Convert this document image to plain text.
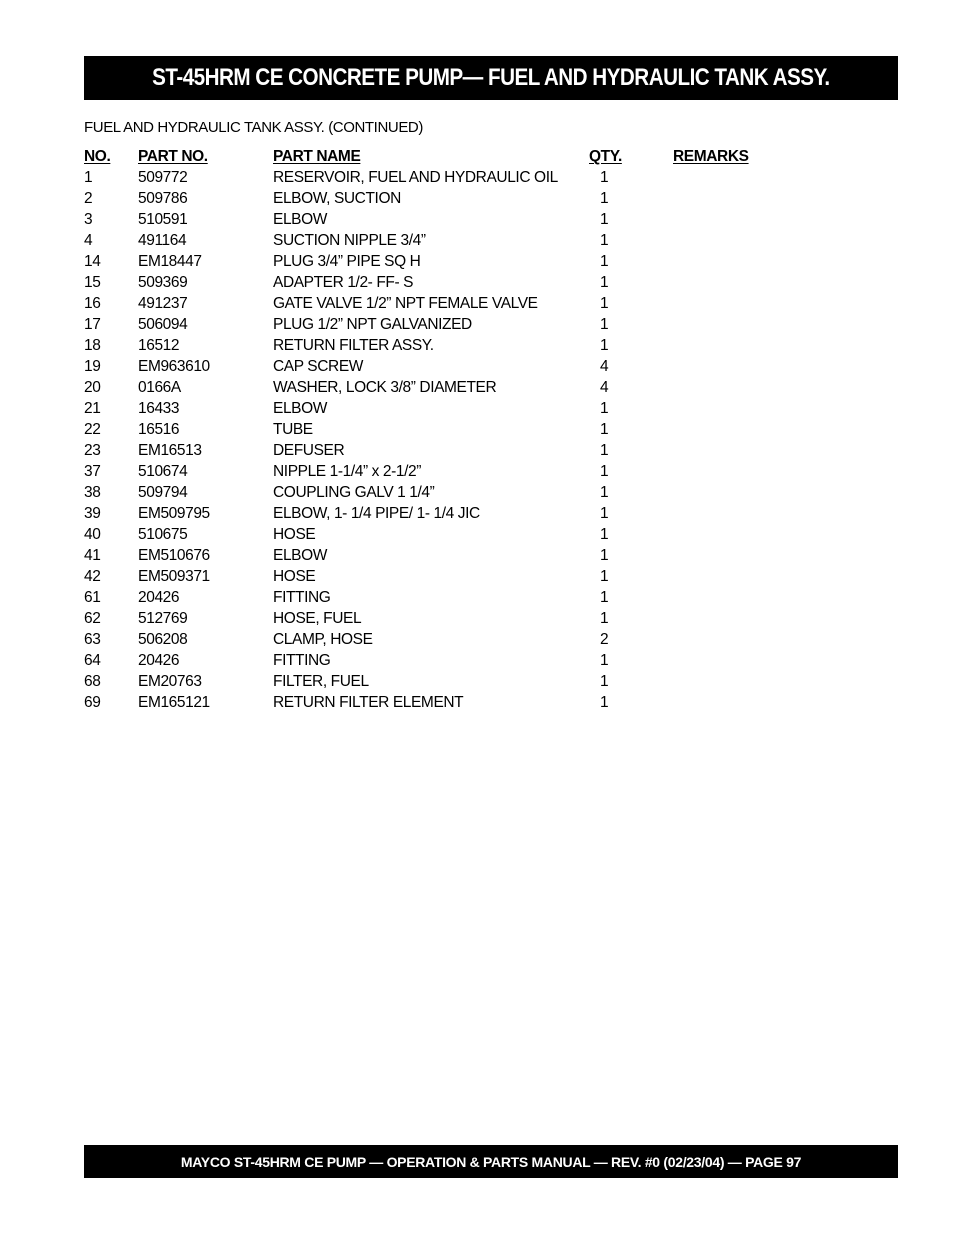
ST-45HRM CE CONCRETE PUMP— FUEL AND HYDRAULIC TANK ASSY.
FUEL AND HYDRAULIC TANK ASSY. (CONTINUED)
NO. PART NO.	PART NAME	QTY.	REMARKS
1	509772	RESERVOIR, FUEL AND HYDRAULIC OIL	1
2	509786	ELBOW, SUCTION	1
3	510591	ELBOW	1
4	491164	SUCTION NIPPLE 3/4”	1
14 EM18447	PLUG 3/4” PIPE SQ H	1
15 509369	ADAPTER 1/2- FF- S	1
16 491237	GATE VALVE 1/2” NPT FEMALE VALVE	1
17 506094	PLUG 1/2” NPT GALVANIZED	1
18 16512	RETURN FILTER ASSY.	1
19 EM963610	CAP SCREW	4
20 0166A	WASHER, LOCK 3/8” DIAMETER	4
21 16433	ELBOW	1
22 16516	TUBE	1
23 EM16513	DEFUSER	1
37 510674	NIPPLE 1-1/4” x 2-1/2”	1
38 509794	COUPLING GALV 1 1/4”	1
39 EM509795	ELBOW, 1- 1/4 PIPE/ 1- 1/4 JIC	1
40 510675	HOSE	1
41 EM510676	ELBOW	1
42 EM509371	HOSE	1
61 20426	FITTING	1
62 512769	HOSE, FUEL	1
63 506208	CLAMP, HOSE	2
64 20426	FITTING	1
68 EM20763	FILTER, FUEL	1
69 EM165121	RETURN FILTER ELEMENT	1
MAYCO ST-45HRM CE PUMP — OPERATION & PARTS MANUAL — REV. #0 (02/23/04) — PAGE 97
